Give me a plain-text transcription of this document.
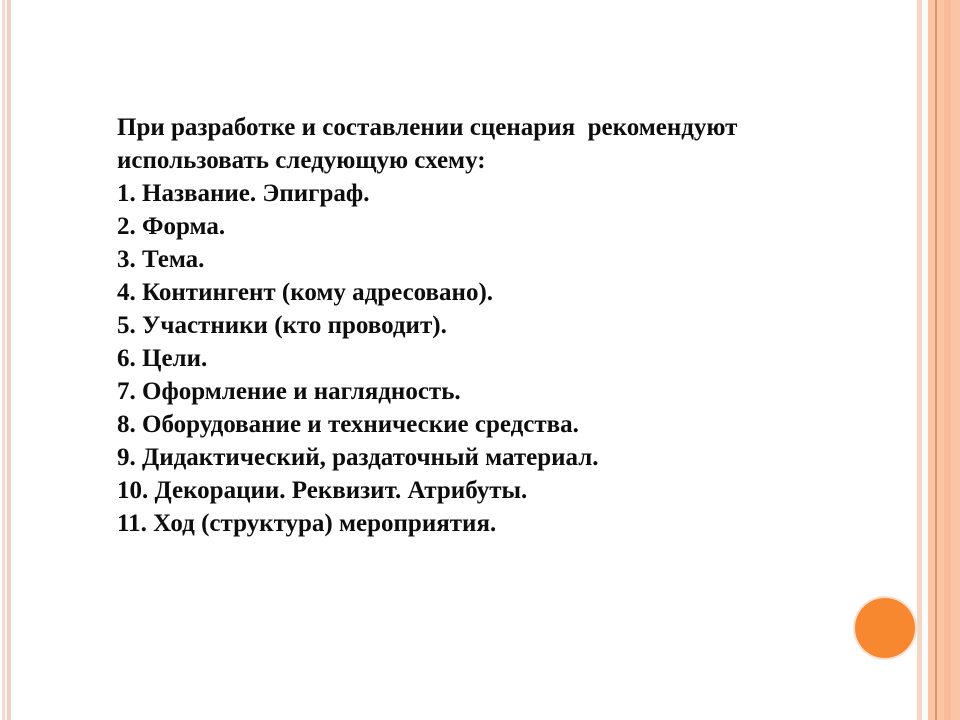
При разработке и составлении сценария  рекомендуют
использовать следующую схему:
1. Название. Эпиграф.
2. Форма.
3. Тема.
4. Контингент (кому адресовано).
5. Участники (кто проводит).
6. Цели.
7. Оформление и наглядность.
8. Оборудование и технические средства.
9. Дидактический, раздаточный материал.
10. Декорации. Реквизит. Атрибуты.
11. Ход (структура) мероприятия.
